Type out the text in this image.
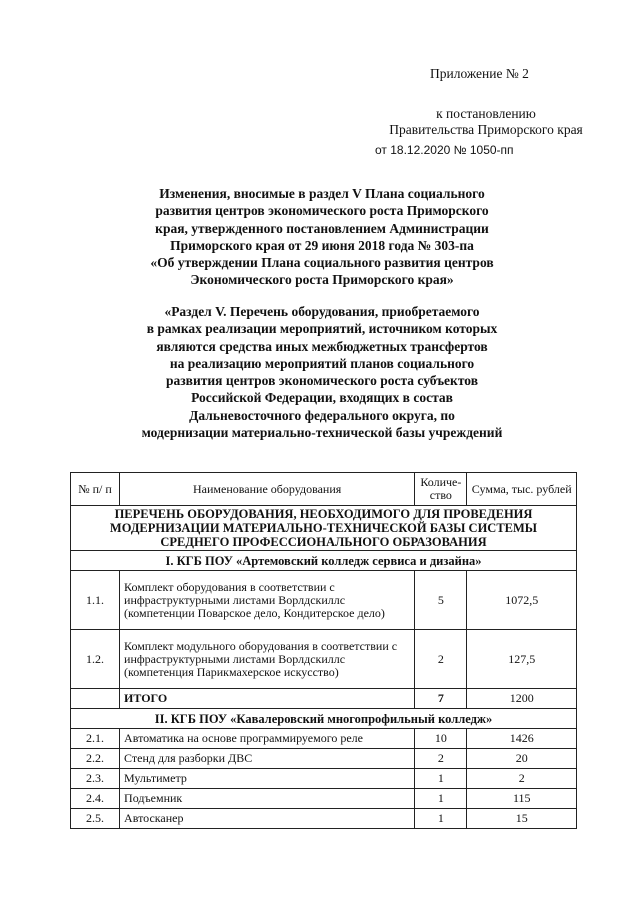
Приложение № 2
к постановлению
Правительства Приморского края
от 18.12.2020 № 1050-пп
Изменения, вносимые в раздел V Плана социального
развития центров экономического роста Приморского
края, утвержденного постановлением Администрации
Приморского края от 29 июня 2018 года № 303-па
«Об утверждении Плана социального развития центров
Экономического роста Приморского края»
«Раздел V. Перечень оборудования, приобретаемого
в рамках реализации мероприятий, источником которых
являются средства иных межбюджетных трансфертов
на реализацию мероприятий планов социального
развития центров экономического роста субъектов
Российской Федерации, входящих в состав
Дальневосточного федерального округа, по
модернизации материально-технической базы учреждений
№ п/ п	Наименование оборудования	Количе-ство	Сумма, тыс. рублей
ПЕРЕЧЕНЬ ОБОРУДОВАНИЯ, НЕОБХОДИМОГО ДЛЯ ПРОВЕДЕНИЯ МОДЕРНИЗАЦИИ МАТЕРИАЛЬНО-ТЕХНИЧЕСКОЙ БАЗЫ СИСТЕМЫ СРЕДНЕГО ПРОФЕССИОНАЛЬНОГО ОБРАЗОВАНИЯ			
I. КГБ ПОУ «Артемовский колледж сервиса и дизайна»			
1.1.	Комплект оборудования в соответствии с инфраструктурными листами Ворлдскиллс (компетенции Поварское дело, Кондитерское дело)	5	1072,5
1.2.	Комплект модульного оборудования в соответствии с инфраструктурными листами Ворлдскиллс (компетенция Парикмахерское искусство)	2	127,5
	ИТОГО	7	1200
II. КГБ ПОУ «Кавалеровский многопрофильный колледж»			
2.1.	Автоматика на основе программируемого реле	10	1426
2.2.	Стенд для разборки ДВС	2	20
2.3.	Мультиметр	1	2
2.4.	Подъемник	1	115
2.5.	Автосканер	1	15
